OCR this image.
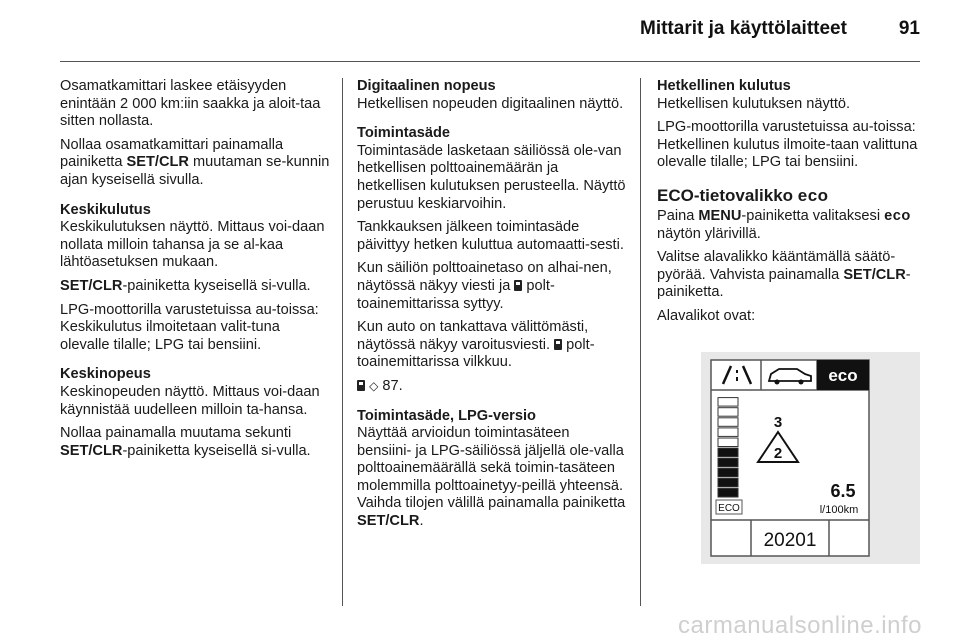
Mittarit ja käyttölaitteet	91

Osamatkamittari laskee etäisyyden enintään 2 000 km:iin saakka ja aloit-taa sitten nollasta.

Nollaa osamatkamittari painamalla painiketta SET/CLR muutaman se-kunnin ajan kyseisellä sivulla.

Keskikulutus

Keskikulutuksen näyttö. Mittaus voi-daan nollata milloin tahansa ja se al-kaa lähtöasetuksen mukaan.

SET/CLR-painiketta kyseisellä si-vulla.

LPG-moottorilla varustetuissa au-toissa: Keskikulutus ilmoitetaan valit-tuna olevalle tilalle; LPG tai bensiini.

Keskinopeus

Keskinopeuden näyttö. Mittaus voi-daan käynnistää uudelleen milloin ta-hansa.

Nollaa painamalla muutama sekunti SET/CLR-painiketta kyseisellä si-vulla.

Digitaalinen nopeus

Hetkellisen nopeuden digitaalinen näyttö.

Toimintasäde

Toimintasäde lasketaan säiliössä ole-van hetkellisen polttoainemäärän ja hetkellisen kulutuksen perusteella. Näyttö perustuu keskiarvoihin.

Tankkauksen jälkeen toimintasäde päivittyy hetken kuluttua automaatti-sesti.

Kun säiliön polttoainetaso on alhai-nen, näytössä näkyy viesti ja  polt-toainemittarissa syttyy.

Kun auto on tankattava välittömästi, näytössä näkyy varoitusviesti.  polt-toainemittarissa vilkkuu.

◇ 87.

Toimintasäde, LPG-versio

Näyttää arvioidun toimintasäteen bensiini- ja LPG-säiliössä jäljellä ole-valla polttoainemäärällä sekä toimin-tasäteen molemmilla polttoainetyy-peillä yhteensä. Vaihda tilojen välillä painamalla painiketta SET/CLR.

Hetkellinen kulutus

Hetkellisen kulutuksen näyttö.

LPG-moottorilla varustetuissa au-toissa: Hetkellinen kulutus ilmoite-taan valittuna olevalle tilalle; LPG tai bensiini.

ECO-tietovalikko eco

Paina MENU-painiketta valitaksesi eco näytön ylärivillä.

Valitse alavalikko kääntämällä säätö-pyörää. Vahvista painamalla SET/CLR-painiketta.

Alavalikot ovat:

eco
ECO
3
2
6.5
l/100km
20201
carmanualsonline.info
